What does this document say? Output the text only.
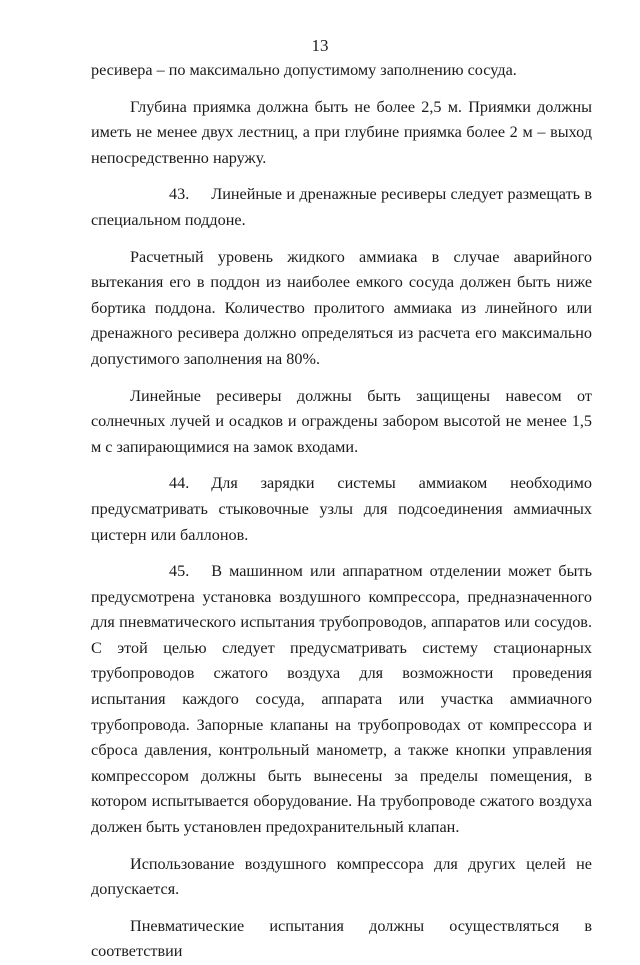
13

ресивера – по максимально допустимому заполнению сосуда.

Глубина приямка должна быть не более 2,5 м. Приямки должны иметь не менее двух лестниц, а при глубине приямка более 2 м – выход непосредственно наружу.

43. Линейные и дренажные ресиверы следует размещать в специальном поддоне.

Расчетный уровень жидкого аммиака в случае аварийного вытекания его в поддон из наиболее емкого сосуда должен быть ниже бортика поддона. Количество пролитого аммиака из линейного или дренажного ресивера должно определяться из расчета его максимально допустимого заполнения на 80%.

Линейные ресиверы должны быть защищены навесом от солнечных лучей и осадков и ограждены забором высотой не менее 1,5 м с запирающимися на замок входами.

44. Для зарядки системы аммиаком необходимо предусматривать стыковочные узлы для подсоединения аммиачных цистерн или баллонов.

45. В машинном или аппаратном отделении может быть предусмотрена установка воздушного компрессора, предназначенного для пневматического испытания трубопроводов, аппаратов или сосудов. С этой целью следует предусматривать систему стационарных трубопроводов сжатого воздуха для возможности проведения испытания каждого сосуда, аппарата или участка аммиачного трубопровода. Запорные клапаны на трубопроводах от компрессора и сброса давления, контрольный манометр, а также кнопки управления компрессором должны быть вынесены за пределы помещения, в котором испытывается оборудование. На трубопроводе сжатого воздуха должен быть установлен предохранительный клапан.

Использование воздушного компрессора для других целей не допускается.

Пневматические испытания должны осуществляться в соответствии
